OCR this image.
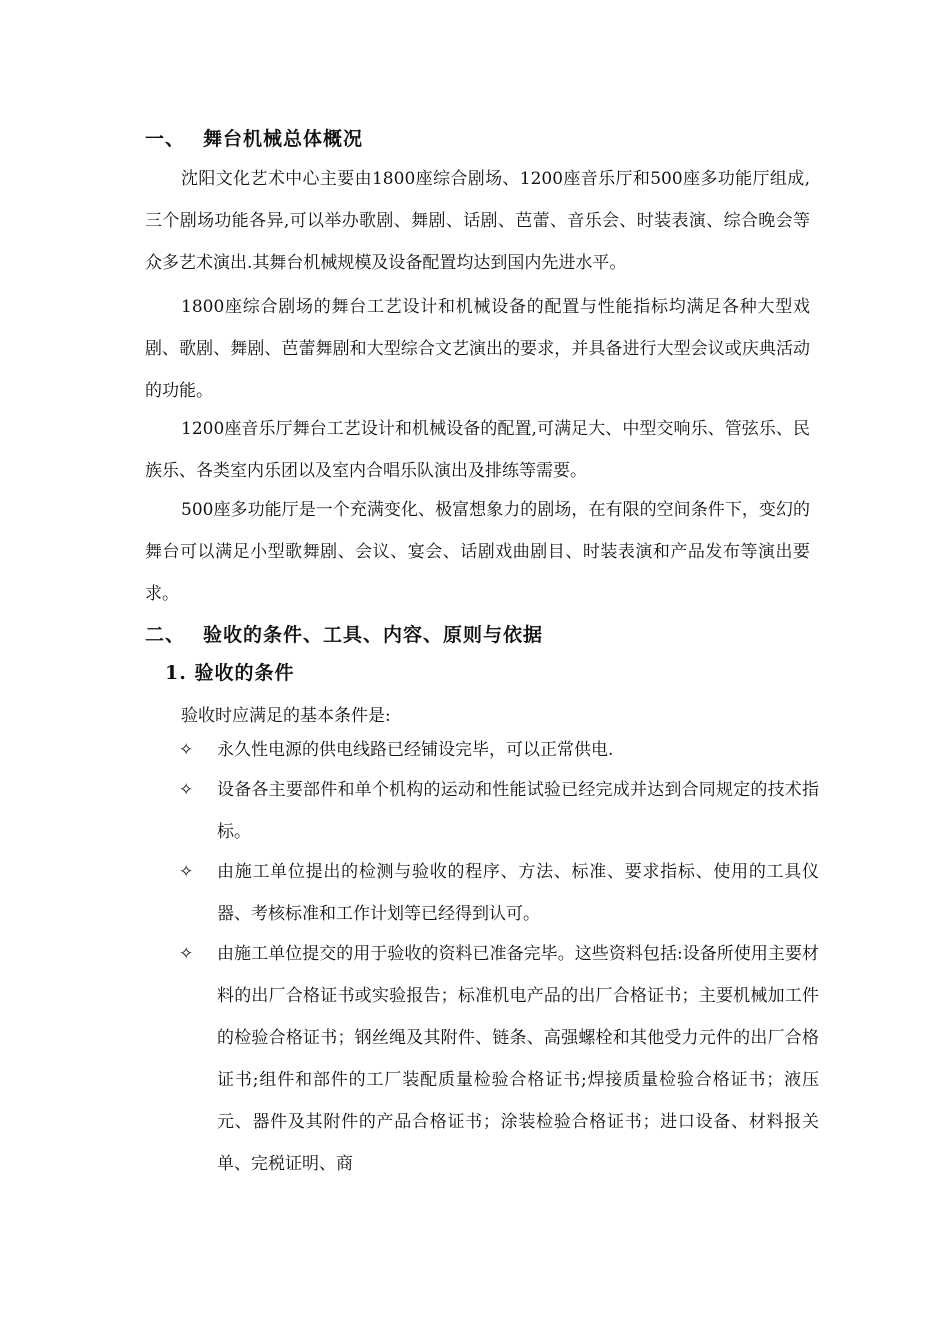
一、 舞台机械总体概况
沈阳文化艺术中心主要由1800座综合剧场、1200座音乐厅和500座多功能厅组成,三个剧场功能各异,可以举办歌剧、舞剧、话剧、芭蕾、音乐会、时装表演、综合晚会等众多艺术演出.其舞台机械规模及设备配置均达到国内先进水平。
1800座综合剧场的舞台工艺设计和机械设备的配置与性能指标均满足各种大型戏剧、歌剧、舞剧、芭蕾舞剧和大型综合文艺演出的要求，并具备进行大型会议或庆典活动的功能。
1200座音乐厅舞台工艺设计和机械设备的配置,可满足大、中型交响乐、管弦乐、民族乐、各类室内乐团以及室内合唱乐队演出及排练等需要。
500座多功能厅是一个充满变化、极富想象力的剧场，在有限的空间条件下，变幻的舞台可以满足小型歌舞剧、会议、宴会、话剧戏曲剧目、时装表演和产品发布等演出要求。
二、 验收的条件、工具、内容、原则与依据
1. 验收的条件
验收时应满足的基本条件是:
✧	永久性电源的供电线路已经铺设完毕，可以正常供电.
✧	设备各主要部件和单个机构的运动和性能试验已经完成并达到合同规定的技术指标。
✧	由施工单位提出的检测与验收的程序、方法、标准、要求指标、使用的工具仪器、考核标准和工作计划等已经得到认可。
✧	由施工单位提交的用于验收的资料已准备完毕。这些资料包括:设备所使用主要材料的出厂合格证书或实验报告；标准机电产品的出厂合格证书；主要机械加工件的检验合格证书；钢丝绳及其附件、链条、高强螺栓和其他受力元件的出厂合格证书;组件和部件的工厂装配质量检验合格证书;焊接质量检验合格证书；液压元、器件及其附件的产品合格证书；涂装检验合格证书；进口设备、材料报关单、完税证明、商
